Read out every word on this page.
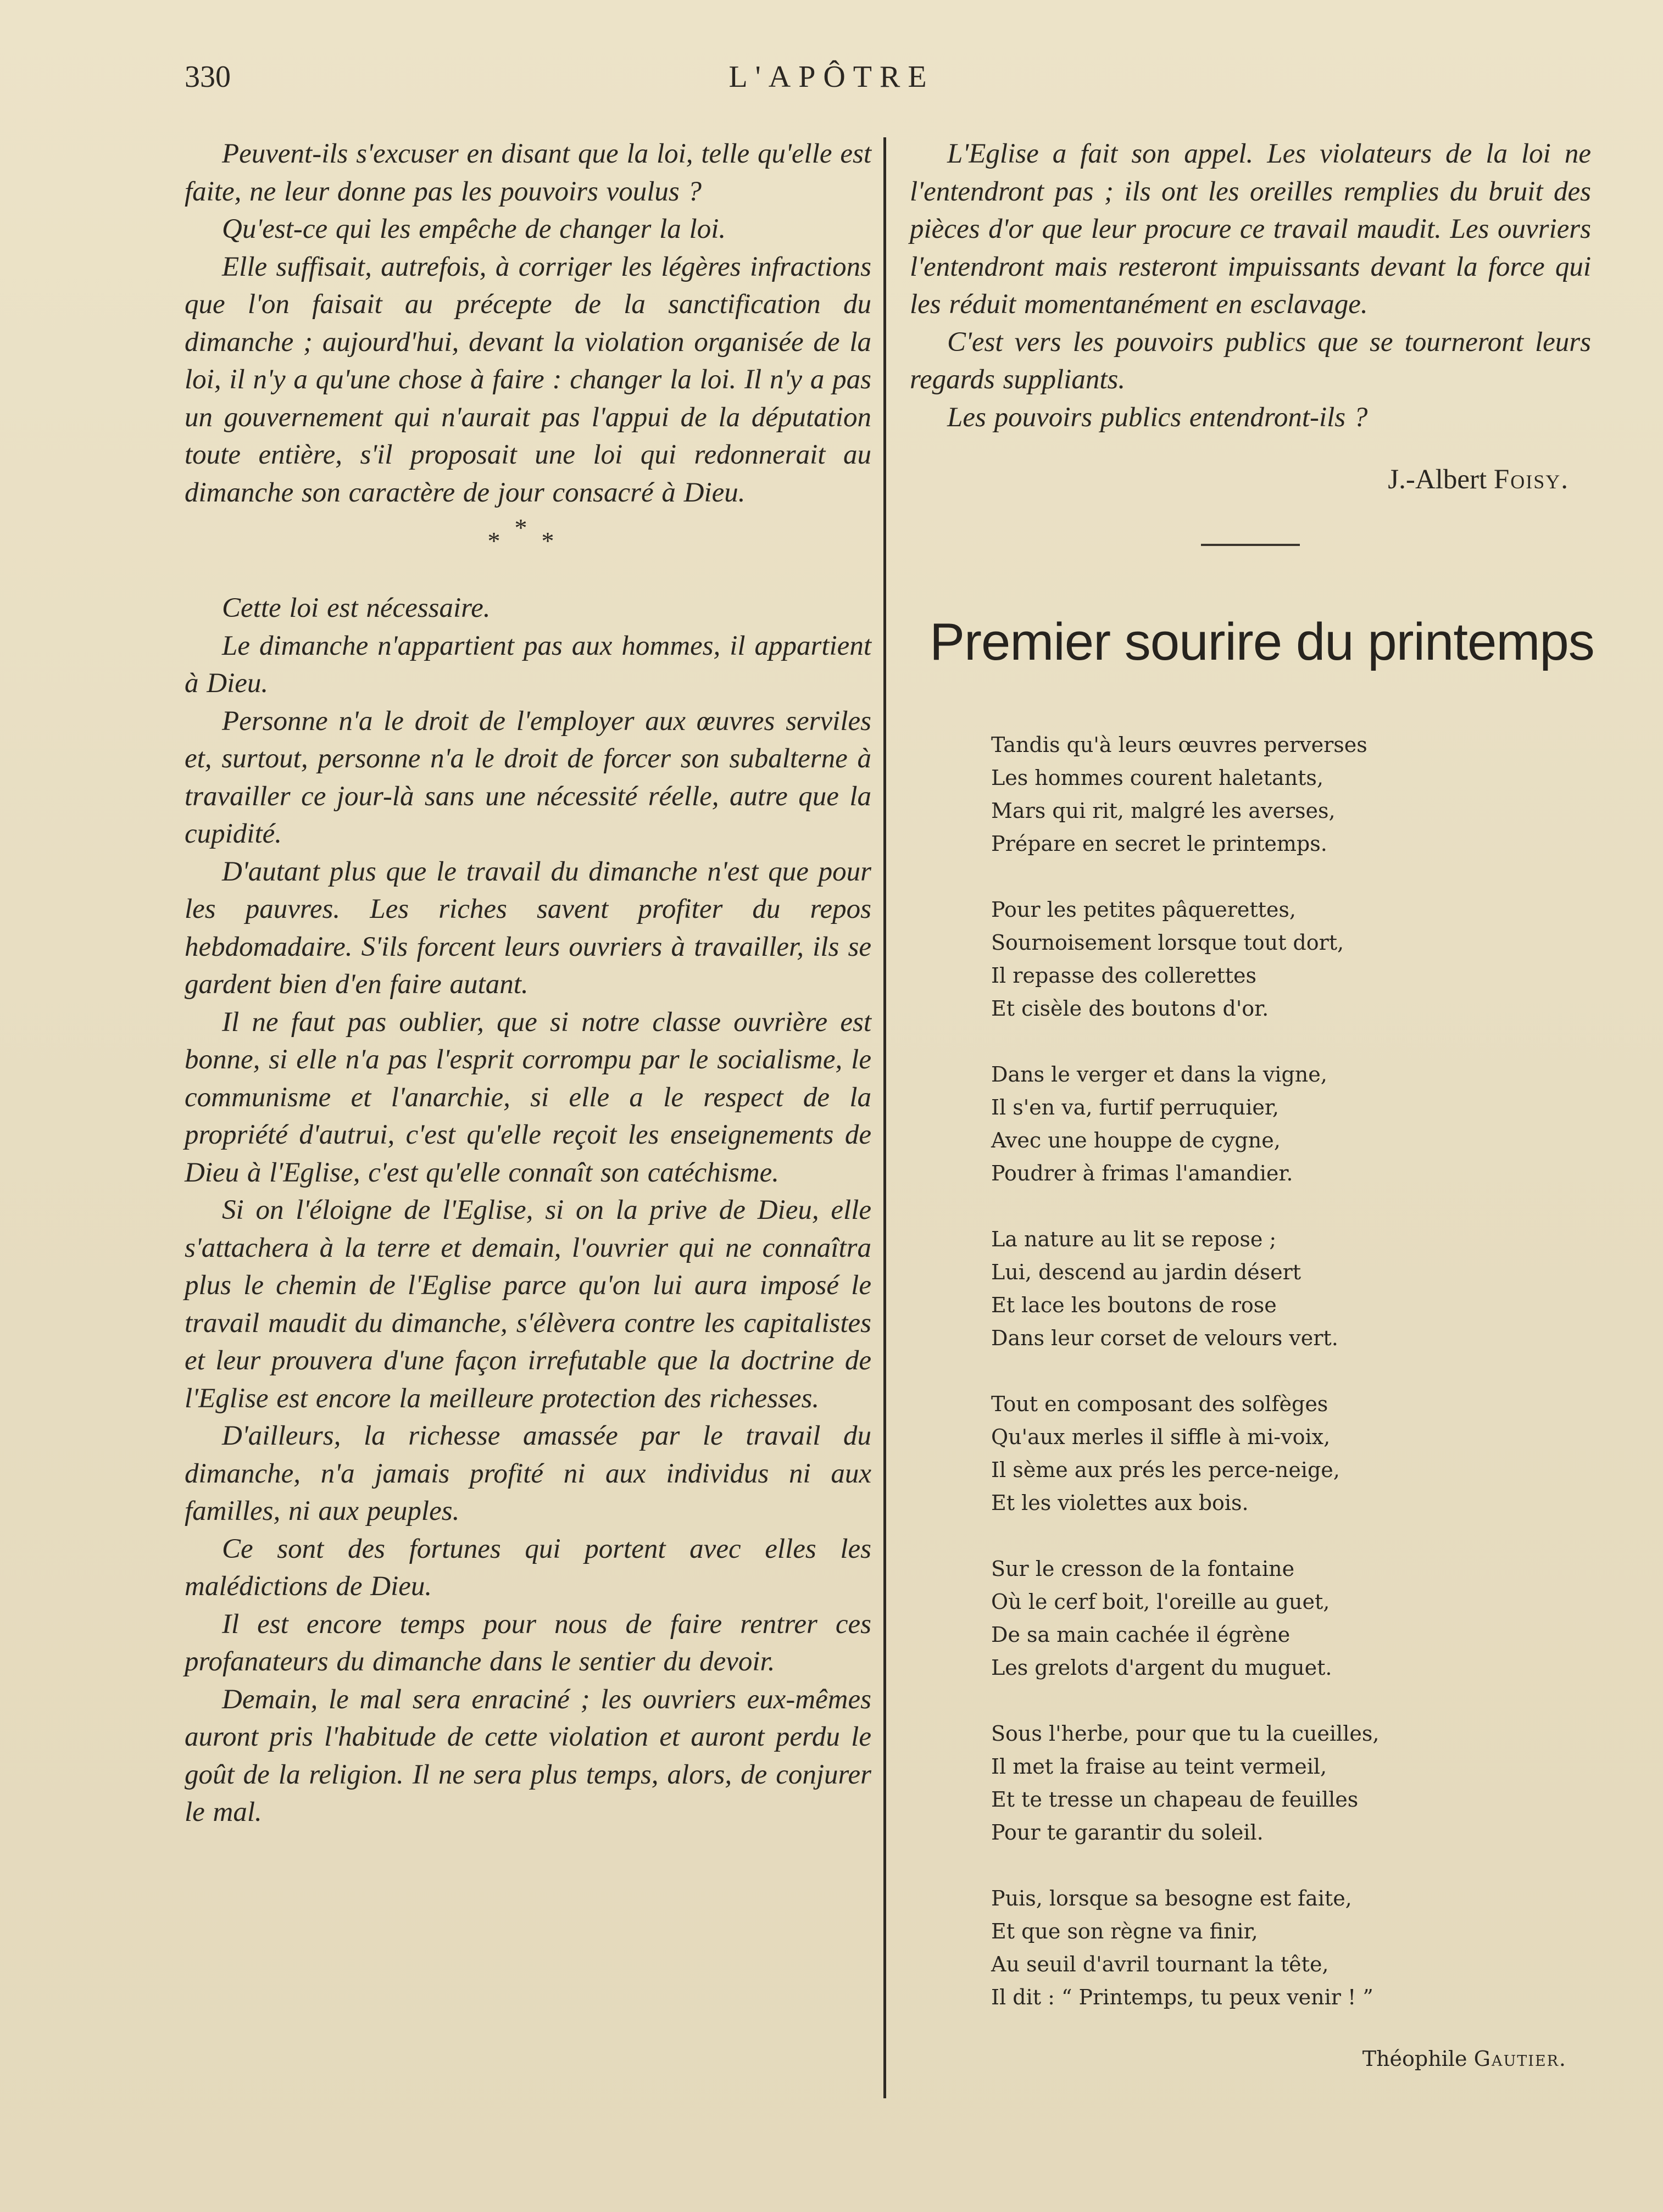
330	L'APÔTRE

Peuvent-ils s'excuser en disant que la loi, telle qu'elle est faite, ne leur donne pas les pouvoirs voulus ?

Qu'est-ce qui les empêche de changer la loi.

Elle suffisait, autrefois, à corriger les légères infractions que l'on faisait au précepte de la sanctification du dimanche ; aujourd'hui, devant la violation organisée de la loi, il n'y a qu'une chose à faire : changer la loi. Il n'y a pas un gouvernement qui n'aurait pas l'appui de la députation toute entière, s'il proposait une loi qui redonnerait au dimanche son caractère de jour consacré à Dieu.

***

Cette loi est nécessaire.

Le dimanche n'appartient pas aux hommes, il appartient à Dieu.

Personne n'a le droit de l'employer aux œuvres serviles et, surtout, personne n'a le droit de forcer son subalterne à travailler ce jour-là sans une nécessité réelle, autre que la cupidité.

D'autant plus que le travail du dimanche n'est que pour les pauvres. Les riches savent profiter du repos hebdomadaire. S'ils forcent leurs ouvriers à travailler, ils se gardent bien d'en faire autant.

Il ne faut pas oublier, que si notre classe ouvrière est bonne, si elle n'a pas l'esprit corrompu par le socialisme, le communisme et l'anarchie, si elle a le respect de la propriété d'autrui, c'est qu'elle reçoit les enseignements de Dieu à l'Eglise, c'est qu'elle connaît son catéchisme.

Si on l'éloigne de l'Eglise, si on la prive de Dieu, elle s'attachera à la terre et demain, l'ouvrier qui ne connaîtra plus le chemin de l'Eglise parce qu'on lui aura imposé le travail maudit du dimanche, s'élèvera contre les capitalistes et leur prouvera d'une façon irrefutable que la doctrine de l'Eglise est encore la meilleure protection des richesses.

D'ailleurs, la richesse amassée par le travail du dimanche, n'a jamais profité ni aux individus ni aux familles, ni aux peuples.

Ce sont des fortunes qui portent avec elles les malédictions de Dieu.

Il est encore temps pour nous de faire rentrer ces profanateurs du dimanche dans le sentier du devoir.

Demain, le mal sera enraciné ; les ouvriers eux-mêmes auront pris l'habitude de cette violation et auront perdu le goût de la religion. Il ne sera plus temps, alors, de conjurer le mal.

L'Eglise a fait son appel. Les violateurs de la loi ne l'entendront pas ; ils ont les oreilles remplies du bruit des pièces d'or que leur procure ce travail maudit. Les ouvriers l'entendront mais resteront impuissants devant la force qui les réduit momentanément en esclavage.

C'est vers les pouvoirs publics que se tourneront leurs regards suppliants.

Les pouvoirs publics entendront-ils ?

J.-Albert Foisy.
Premier sourire du printemps
Tandis qu'à leurs œuvres perverses
Les hommes courent haletants,
Mars qui rit, malgré les averses,
Prépare en secret le printemps.
Pour les petites pâquerettes,
Sournoisement lorsque tout dort,
Il repasse des collerettes
Et cisèle des boutons d'or.
Dans le verger et dans la vigne,
Il s'en va, furtif perruquier,
Avec une houppe de cygne,
Poudrer à frimas l'amandier.
La nature au lit se repose ;
Lui, descend au jardin désert
Et lace les boutons de rose
Dans leur corset de velours vert.
Tout en composant des solfèges
Qu'aux merles il siffle à mi-voix,
Il sème aux prés les perce-neige,
Et les violettes aux bois.
Sur le cresson de la fontaine
Où le cerf boit, l'oreille au guet,
De sa main cachée il égrène
Les grelots d'argent du muguet.
Sous l'herbe, pour que tu la cueilles,
Il met la fraise au teint vermeil,
Et te tresse un chapeau de feuilles
Pour te garantir du soleil.
Puis, lorsque sa besogne est faite,
Et que son règne va finir,
Au seuil d'avril tournant la tête,
Il dit : “ Printemps, tu peux venir ! ”
Théophile Gautier.
